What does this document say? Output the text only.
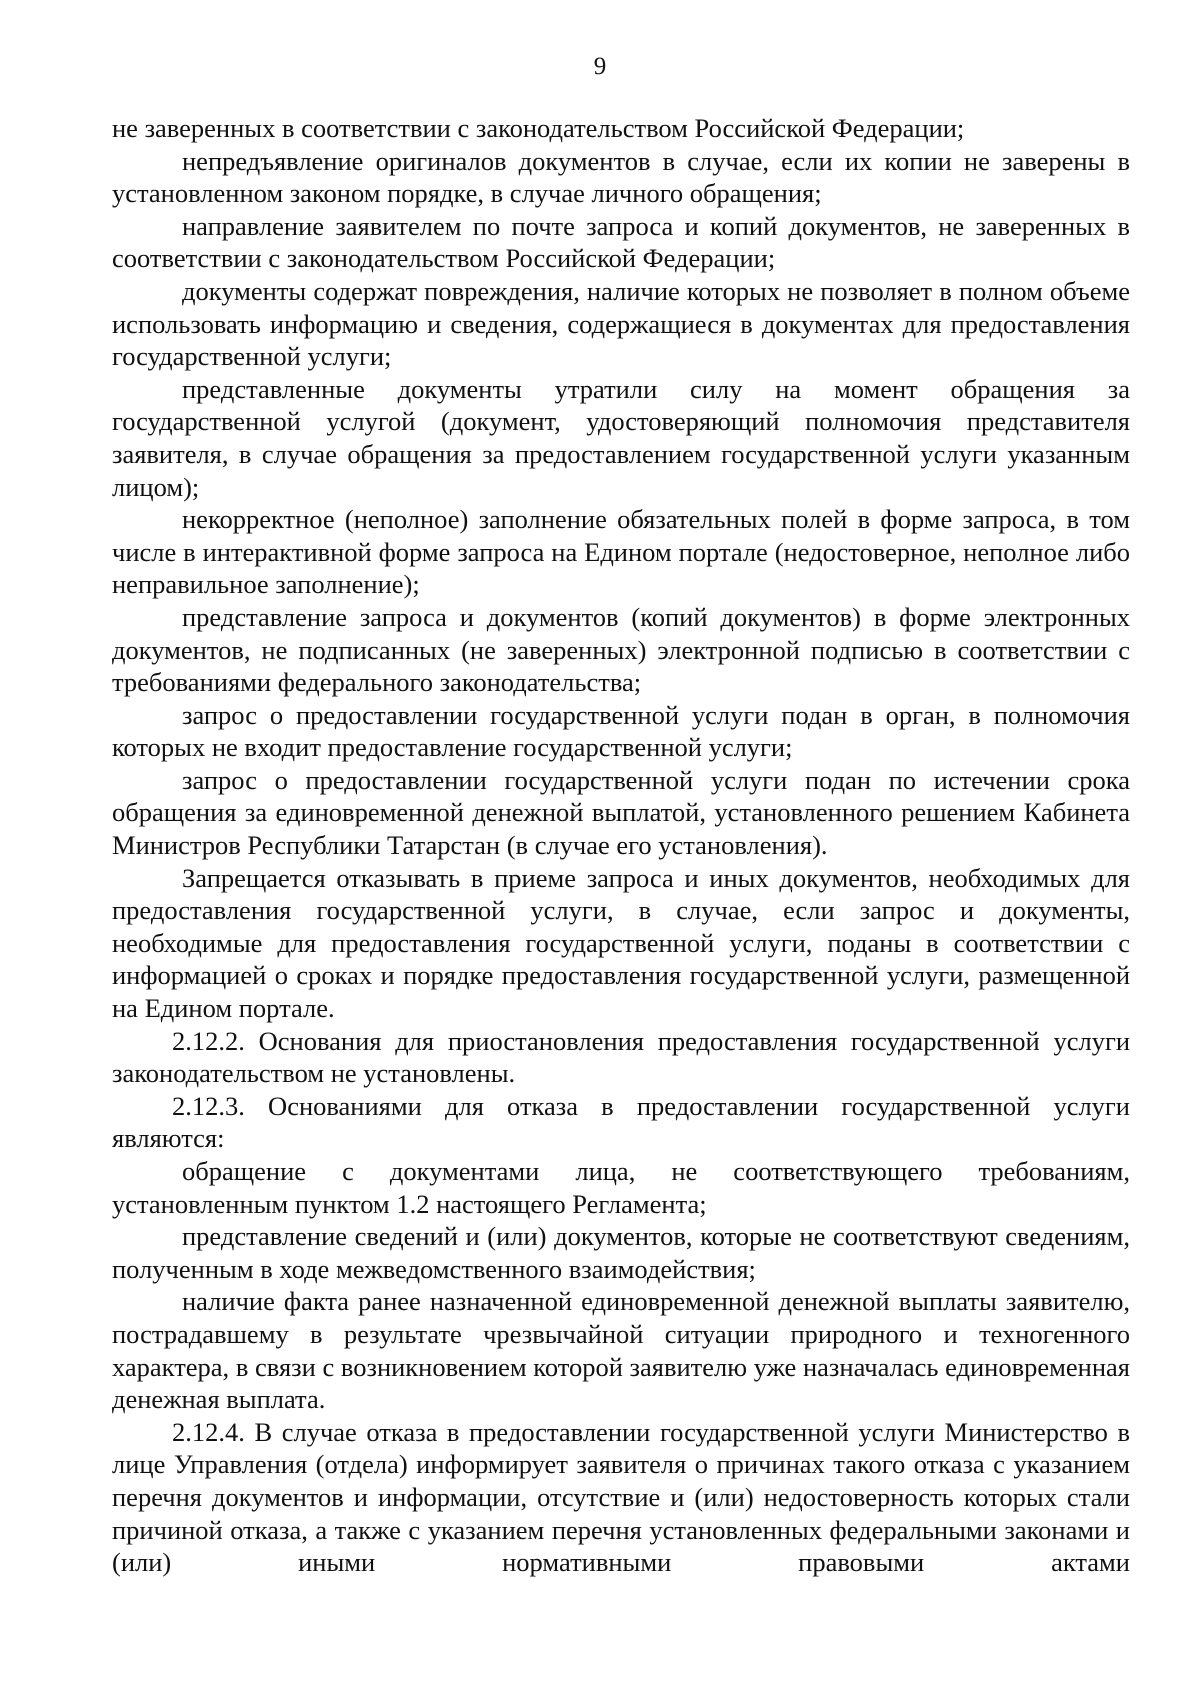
9

не заверенных в соответствии с законодательством Российской Федерации;

непредъявление оригиналов документов в случае, если их копии не заверены в установленном законом порядке, в случае личного обращения;

направление заявителем по почте запроса и копий документов, не заверенных в соответствии с законодательством Российской Федерации;

документы содержат повреждения, наличие которых не позволяет в полном объеме использовать информацию и сведения, содержащиеся в документах для предоставления государственной услуги;

представленные документы утратили силу на момент обращения за государственной услугой (документ, удостоверяющий полномочия представителя заявителя, в случае обращения за предоставлением государственной услуги указанным лицом);

некорректное (неполное) заполнение обязательных полей в форме запроса, в том числе в интерактивной форме запроса на Едином портале (недостоверное, неполное либо неправильное заполнение);

представление запроса и документов (копий документов) в форме электронных документов, не подписанных (не заверенных) электронной подписью в соответствии с требованиями федерального законодательства;

запрос о предоставлении государственной услуги подан в орган, в полномочия которых не входит предоставление государственной услуги;

запрос о предоставлении государственной услуги подан по истечении срока обращения за единовременной денежной выплатой, установленного решением Кабинета Министров Республики Татарстан (в случае его установления).

Запрещается отказывать в приеме запроса и иных документов, необходимых для предоставления государственной услуги, в случае, если запрос и документы, необходимые для предоставления государственной услуги, поданы в соответствии с информацией о сроках и порядке предоставления государственной услуги, размещенной на Едином портале.

2.12.2. Основания для приостановления предоставления государственной услуги законодательством не установлены.

2.12.3. Основаниями для отказа в предоставлении государственной услуги являются:

обращение с документами лица, не соответствующего требованиям, установленным пунктом 1.2 настоящего Регламента;

представление сведений и (или) документов, которые не соответствуют сведениям, полученным в ходе межведомственного взаимодействия;

наличие факта ранее назначенной единовременной денежной выплаты заявителю, пострадавшему в результате чрезвычайной ситуации природного и техногенного характера, в связи с возникновением которой заявителю уже назначалась единовременная денежная выплата.

2.12.4. В случае отказа в предоставлении государственной услуги Министерство в лице Управления (отдела) информирует заявителя о причинах такого отказа с указанием перечня документов и информации, отсутствие и (или) недостоверность которых стали причиной отказа, а также с указанием перечня установленных федеральными законами и (или) иными нормативными правовыми актами
